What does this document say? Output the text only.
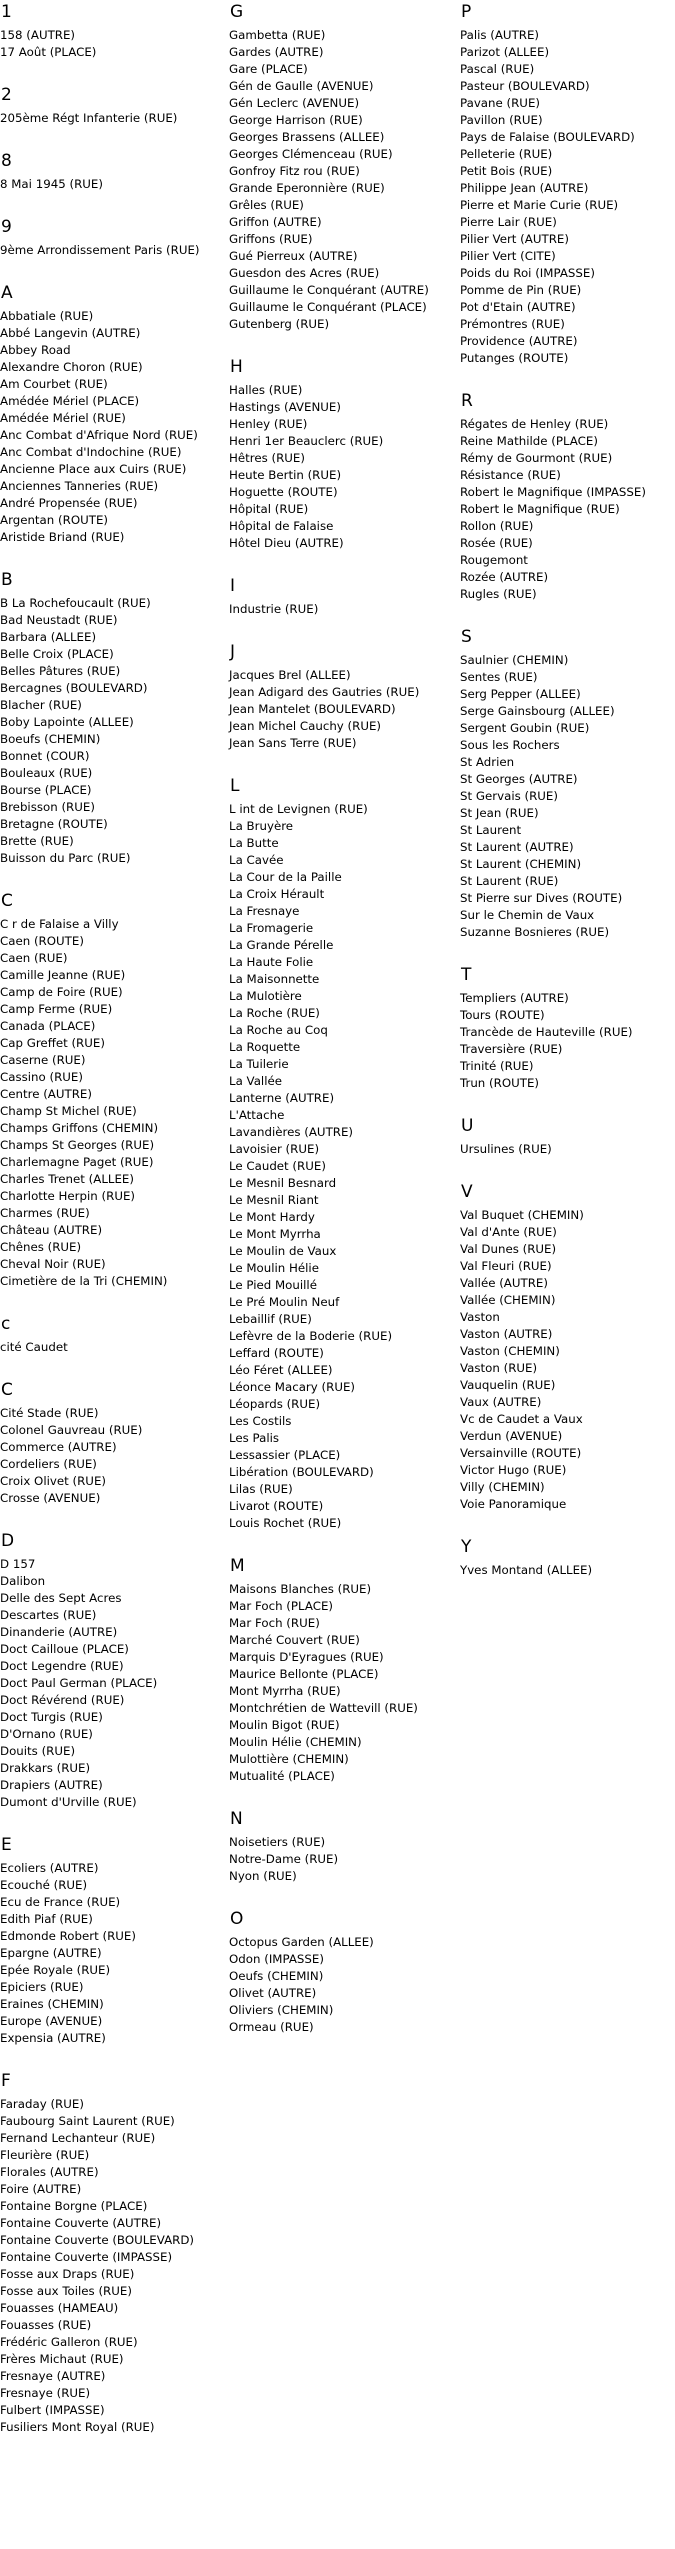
1
158 (AUTRE)
17 Août (PLACE)
2
205ème Régt Infanterie (RUE)
8
8 Mai 1945 (RUE)
9
9ème Arrondissement Paris (RUE)
A
Abbatiale (RUE)
Abbé Langevin (AUTRE)
Abbey Road
Alexandre Choron (RUE)
Am Courbet (RUE)
Amédée Mériel (PLACE)
Amédée Mériel (RUE)
Anc Combat d'Afrique Nord (RUE)
Anc Combat d'Indochine (RUE)
Ancienne Place aux Cuirs (RUE)
Anciennes Tanneries (RUE)
André Propensée (RUE)
Argentan (ROUTE)
Aristide Briand (RUE)
B
B La Rochefoucault (RUE)
Bad Neustadt (RUE)
Barbara (ALLEE)
Belle Croix (PLACE)
Belles Pâtures (RUE)
Bercagnes (BOULEVARD)
Blacher (RUE)
Boby Lapointe (ALLEE)
Boeufs (CHEMIN)
Bonnet (COUR)
Bouleaux (RUE)
Bourse (PLACE)
Brebisson (RUE)
Bretagne (ROUTE)
Brette (RUE)
Buisson du Parc (RUE)
C
C r de Falaise a Villy
Caen (ROUTE)
Caen (RUE)
Camille Jeanne (RUE)
Camp de Foire (RUE)
Camp Ferme (RUE)
Canada (PLACE)
Cap Greffet (RUE)
Caserne (RUE)
Cassino (RUE)
Centre (AUTRE)
Champ St Michel (RUE)
Champs Griffons (CHEMIN)
Champs St Georges (RUE)
Charlemagne Paget (RUE)
Charles Trenet (ALLEE)
Charlotte Herpin (RUE)
Charmes (RUE)
Château (AUTRE)
Chênes (RUE)
Cheval Noir (RUE)
Cimetière de la Tri (CHEMIN)
c
cité Caudet
C
Cité Stade (RUE)
Colonel Gauvreau (RUE)
Commerce (AUTRE)
Cordeliers (RUE)
Croix Olivet (RUE)
Crosse (AVENUE)
D
D 157
Dalibon
Delle des Sept Acres
Descartes (RUE)
Dinanderie (AUTRE)
Doct Cailloue (PLACE)
Doct Legendre (RUE)
Doct Paul German (PLACE)
Doct Révérend (RUE)
Doct Turgis (RUE)
D'Ornano (RUE)
Douits (RUE)
Drakkars (RUE)
Drapiers (AUTRE)
Dumont d'Urville (RUE)
E
Ecoliers (AUTRE)
Ecouché (RUE)
Ecu de France (RUE)
Edith Piaf (RUE)
Edmonde Robert (RUE)
Epargne (AUTRE)
Epée Royale (RUE)
Epiciers (RUE)
Eraines (CHEMIN)
Europe (AVENUE)
Expensia (AUTRE)
F
Faraday (RUE)
Faubourg Saint Laurent (RUE)
Fernand Lechanteur (RUE)
Fleurière (RUE)
Florales (AUTRE)
Foire (AUTRE)
Fontaine Borgne (PLACE)
Fontaine Couverte (AUTRE)
Fontaine Couverte (BOULEVARD)
Fontaine Couverte (IMPASSE)
Fosse aux Draps (RUE)
Fosse aux Toiles (RUE)
Fouasses (HAMEAU)
Fouasses (RUE)
Frédéric Galleron (RUE)
Frères Michaut (RUE)
Fresnaye (AUTRE)
Fresnaye (RUE)
Fulbert (IMPASSE)
Fusiliers Mont Royal (RUE)
G
Gambetta (RUE)
Gardes (AUTRE)
Gare (PLACE)
Gén de Gaulle (AVENUE)
Gén Leclerc (AVENUE)
George Harrison (RUE)
Georges Brassens (ALLEE)
Georges Clémenceau (RUE)
Gonfroy Fitz rou (RUE)
Grande Eperonnière (RUE)
Grêles (RUE)
Griffon (AUTRE)
Griffons (RUE)
Gué Pierreux (AUTRE)
Guesdon des Acres (RUE)
Guillaume le Conquérant (AUTRE)
Guillaume le Conquérant (PLACE)
Gutenberg (RUE)
H
Halles (RUE)
Hastings (AVENUE)
Henley (RUE)
Henri 1er Beauclerc (RUE)
Hêtres (RUE)
Heute Bertin (RUE)
Hoguette (ROUTE)
Hôpital (RUE)
Hôpital de Falaise
Hôtel Dieu (AUTRE)
I
Industrie (RUE)
J
Jacques Brel (ALLEE)
Jean Adigard des Gautries (RUE)
Jean Mantelet (BOULEVARD)
Jean Michel Cauchy (RUE)
Jean Sans Terre (RUE)
L
L int de Levignen (RUE)
La Bruyère
La Butte
La Cavée
La Cour de la Paille
La Croix Hérault
La Fresnaye
La Fromagerie
La Grande Pérelle
La Haute Folie
La Maisonnette
La Mulotière
La Roche (RUE)
La Roche au Coq
La Roquette
La Tuilerie
La Vallée
Lanterne (AUTRE)
L'Attache
Lavandières (AUTRE)
Lavoisier (RUE)
Le Caudet (RUE)
Le Mesnil Besnard
Le Mesnil Riant
Le Mont Hardy
Le Mont Myrrha
Le Moulin de Vaux
Le Moulin Hélie
Le Pied Mouillé
Le Pré Moulin Neuf
Lebaillif (RUE)
Lefèvre de la Boderie (RUE)
Leffard (ROUTE)
Léo Féret (ALLEE)
Léonce Macary (RUE)
Léopards (RUE)
Les Costils
Les Palis
Lessassier (PLACE)
Libération (BOULEVARD)
Lilas (RUE)
Livarot (ROUTE)
Louis Rochet (RUE)
M
Maisons Blanches (RUE)
Mar Foch (PLACE)
Mar Foch (RUE)
Marché Couvert (RUE)
Marquis D'Eyragues (RUE)
Maurice Bellonte (PLACE)
Mont Myrrha (RUE)
Montchrétien de Wattevill (RUE)
Moulin Bigot (RUE)
Moulin Hélie (CHEMIN)
Mulottière (CHEMIN)
Mutualité (PLACE)
N
Noisetiers (RUE)
Notre-Dame (RUE)
Nyon (RUE)
O
Octopus Garden (ALLEE)
Odon (IMPASSE)
Oeufs (CHEMIN)
Olivet (AUTRE)
Oliviers (CHEMIN)
Ormeau (RUE)
P
Palis (AUTRE)
Parizot (ALLEE)
Pascal (RUE)
Pasteur (BOULEVARD)
Pavane (RUE)
Pavillon (RUE)
Pays de Falaise (BOULEVARD)
Pelleterie (RUE)
Petit Bois (RUE)
Philippe Jean (AUTRE)
Pierre et Marie Curie (RUE)
Pierre Lair (RUE)
Pilier Vert (AUTRE)
Pilier Vert (CITE)
Poids du Roi (IMPASSE)
Pomme de Pin (RUE)
Pot d'Etain (AUTRE)
Prémontres (RUE)
Providence (AUTRE)
Putanges (ROUTE)
R
Régates de Henley (RUE)
Reine Mathilde (PLACE)
Rémy de Gourmont (RUE)
Résistance (RUE)
Robert le Magnifique (IMPASSE)
Robert le Magnifique (RUE)
Rollon (RUE)
Rosée (RUE)
Rougemont
Rozée (AUTRE)
Rugles (RUE)
S
Saulnier (CHEMIN)
Sentes (RUE)
Serg Pepper (ALLEE)
Serge Gainsbourg (ALLEE)
Sergent Goubin (RUE)
Sous les Rochers
St Adrien
St Georges (AUTRE)
St Gervais (RUE)
St Jean (RUE)
St Laurent
St Laurent (AUTRE)
St Laurent (CHEMIN)
St Laurent (RUE)
St Pierre sur Dives (ROUTE)
Sur le Chemin de Vaux
Suzanne Bosnieres (RUE)
T
Templiers (AUTRE)
Tours (ROUTE)
Trancède de Hauteville (RUE)
Traversière (RUE)
Trinité (RUE)
Trun (ROUTE)
U
Ursulines (RUE)
V
Val Buquet (CHEMIN)
Val d'Ante (RUE)
Val Dunes (RUE)
Val Fleuri (RUE)
Vallée (AUTRE)
Vallée (CHEMIN)
Vaston
Vaston (AUTRE)
Vaston (CHEMIN)
Vaston (RUE)
Vauquelin (RUE)
Vaux (AUTRE)
Vc de Caudet a Vaux
Verdun (AVENUE)
Versainville (ROUTE)
Victor Hugo (RUE)
Villy (CHEMIN)
Voie Panoramique
Y
Yves Montand (ALLEE)
